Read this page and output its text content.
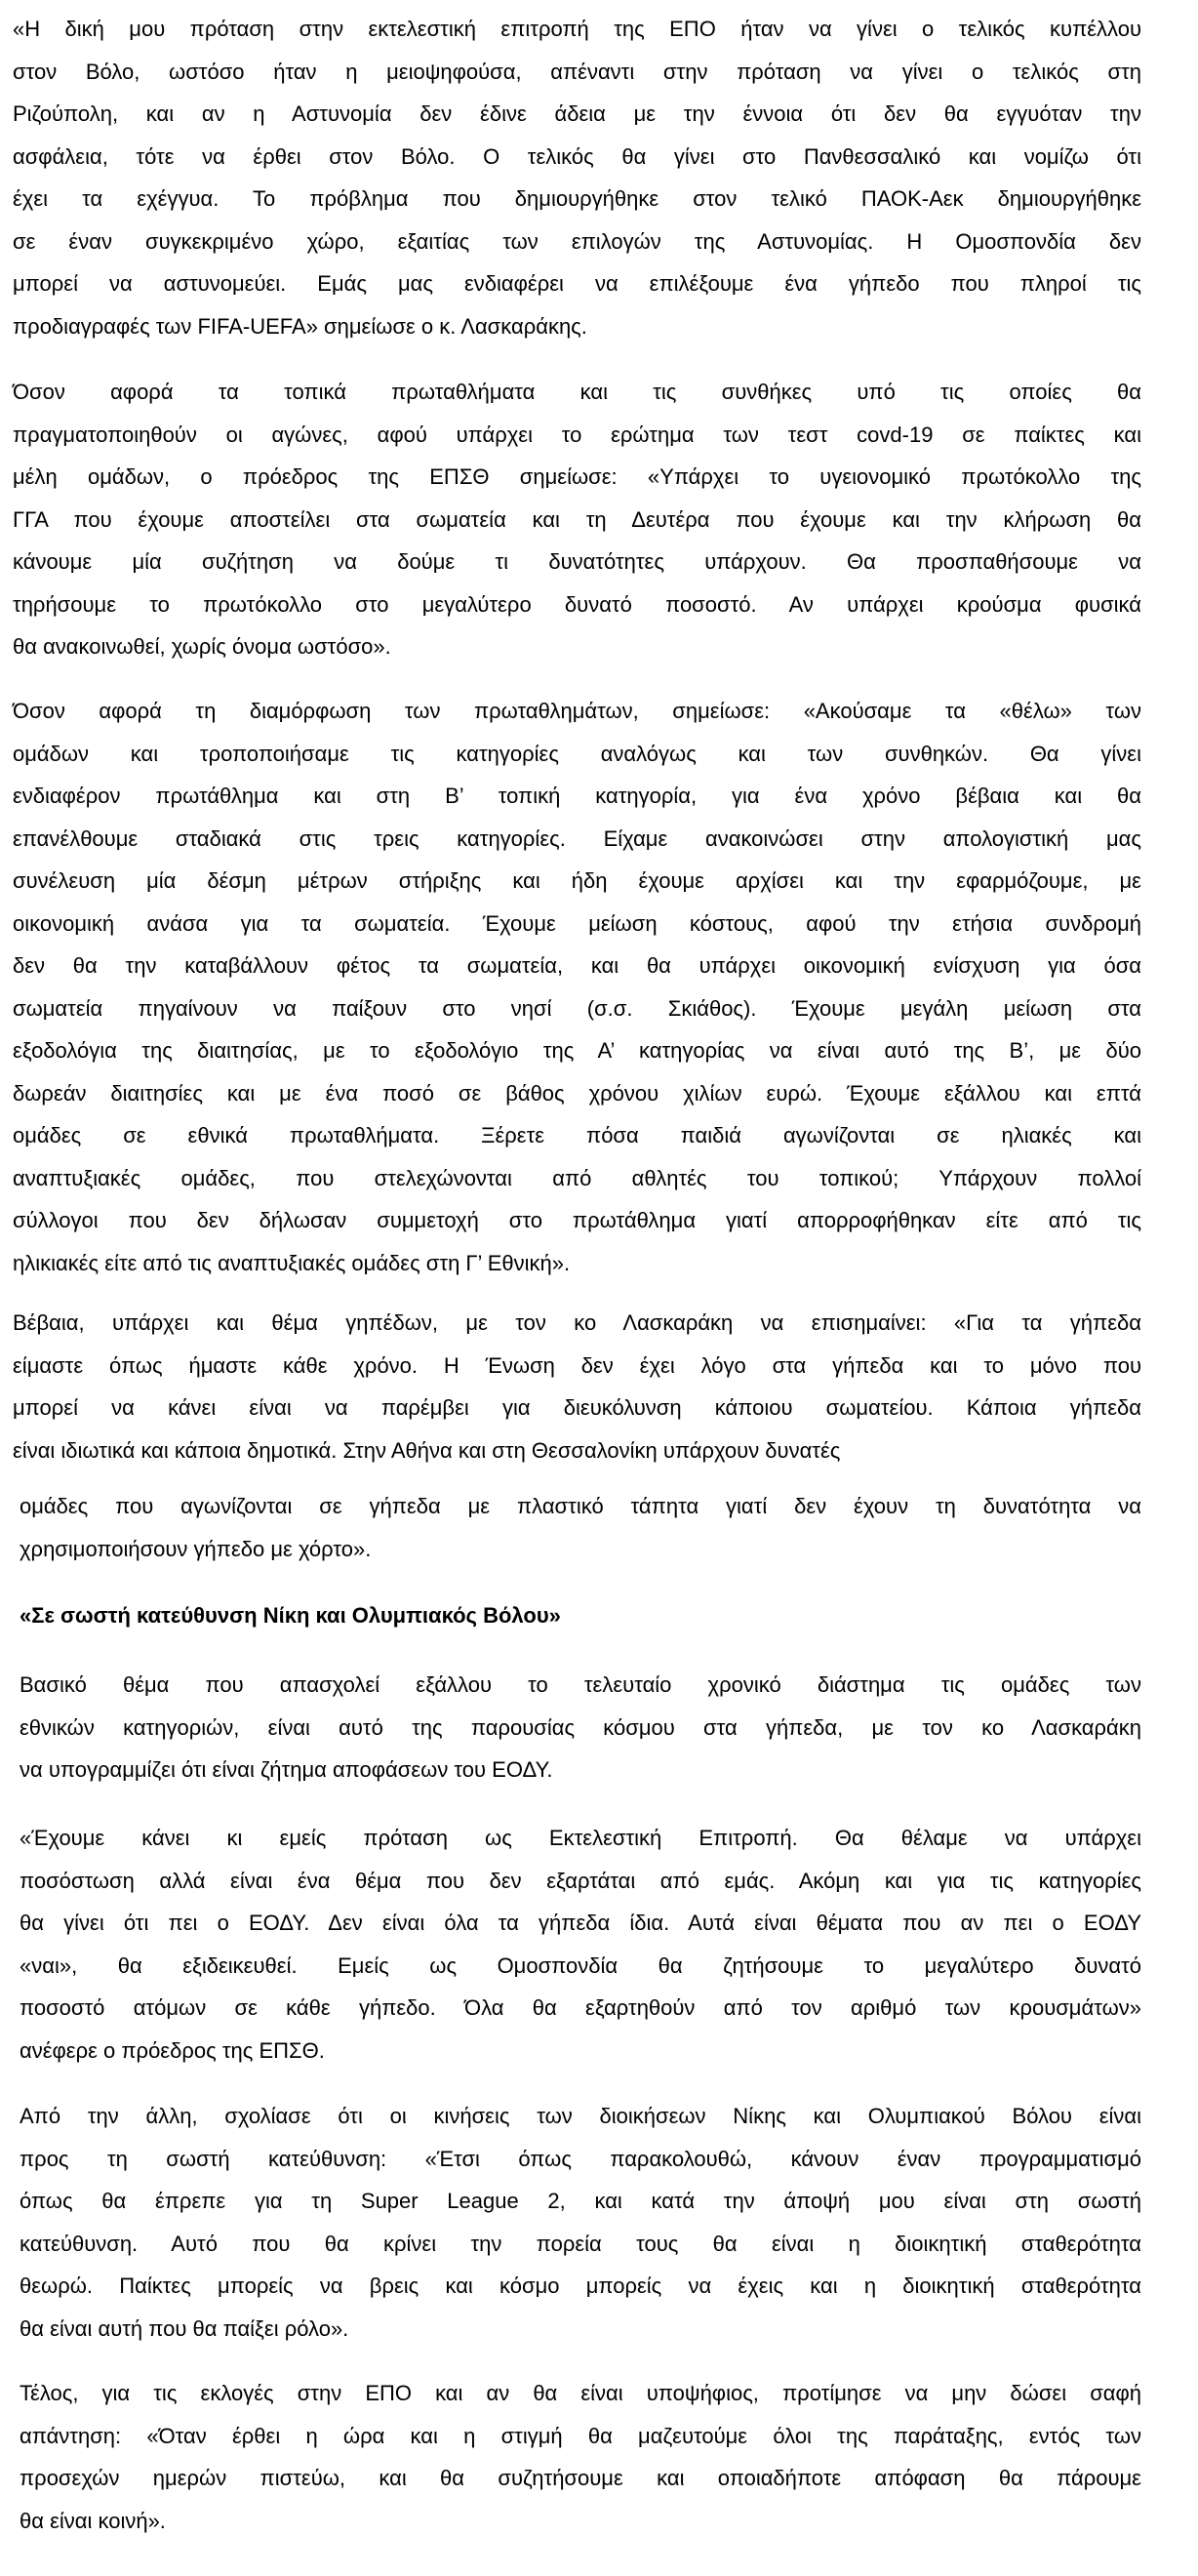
«Η δική μου πρόταση στην εκτελεστική επιτροπή της ΕΠΟ ήταν να γίνει ο τελικός κυπέλλου
στον Βόλο, ωστόσο ήταν η μειοψηφούσα, απέναντι στην πρόταση να γίνει ο τελικός στη
Ριζούπολη, και αν η Αστυνομία δεν έδινε άδεια με την έννοια ότι δεν θα εγγυόταν την
ασφάλεια, τότε να έρθει στον Βόλο. Ο τελικός θα γίνει στο Πανθεσσαλικό και νομίζω ότι
έχει τα εχέγγυα. Το πρόβλημα που δημιουργήθηκε στον τελικό ΠΑΟΚ-Αεκ δημιουργήθηκε
σε έναν συγκεκριμένο χώρο, εξαιτίας των επιλογών της Αστυνομίας. Η Ομοσπονδία δεν
μπορεί να αστυνομεύει. Εμάς μας ενδιαφέρει να επιλέξουμε ένα γήπεδο που πληροί τις
προδιαγραφές των FIFA-UEFA» σημείωσε ο κ. Λασκαράκης.
Όσον αφορά τα τοπικά πρωταθλήματα και τις συνθήκες υπό τις οποίες θα
πραγματοποιηθούν οι αγώνες, αφού υπάρχει το ερώτημα των τεστ covd-19 σε παίκτες και
μέλη ομάδων, ο πρόεδρος της ΕΠΣΘ σημείωσε: «Υπάρχει το υγειονομικό πρωτόκολλο της
ΓΓΑ που έχουμε αποστείλει στα σωματεία και τη Δευτέρα που έχουμε και την κλήρωση θα
κάνουμε μία συζήτηση να δούμε τι δυνατότητες υπάρχουν. Θα προσπαθήσουμε να
τηρήσουμε το πρωτόκολλο στο μεγαλύτερο δυνατό ποσοστό. Αν υπάρχει κρούσμα φυσικά
θα ανακοινωθεί, χωρίς όνομα ωστόσο».
Όσον αφορά τη διαμόρφωση των πρωταθλημάτων, σημείωσε: «Ακούσαμε τα «θέλω» των
ομάδων και τροποποιήσαμε τις κατηγορίες αναλόγως και των συνθηκών. Θα γίνει
ενδιαφέρον πρωτάθλημα και στη Β’ τοπική κατηγορία, για ένα χρόνο βέβαια και θα
επανέλθουμε σταδιακά στις τρεις κατηγορίες. Είχαμε ανακοινώσει στην απολογιστική μας
συνέλευση μία δέσμη μέτρων στήριξης και ήδη έχουμε αρχίσει και την εφαρμόζουμε, με
οικονομική ανάσα για τα σωματεία. Έχουμε μείωση κόστους, αφού την ετήσια συνδρομή
δεν θα την καταβάλλουν φέτος τα σωματεία, και θα υπάρχει οικονομική ενίσχυση για όσα
σωματεία πηγαίνουν να παίξουν στο νησί (σ.σ. Σκιάθος). Έχουμε μεγάλη μείωση στα
εξοδολόγια της διαιτησίας, με το εξοδολόγιο της Α’ κατηγορίας να είναι αυτό της Β’, με δύο
δωρεάν διαιτησίες και με ένα ποσό σε βάθος χρόνου χιλίων ευρώ. Έχουμε εξάλλου και επτά
ομάδες σε εθνικά πρωταθλήματα. Ξέρετε πόσα παιδιά αγωνίζονται σε ηλιακές και
αναπτυξιακές ομάδες, που στελεχώνονται από αθλητές του τοπικού; Υπάρχουν πολλοί
σύλλογοι που δεν δήλωσαν συμμετοχή στο πρωτάθλημα γιατί απορροφήθηκαν είτε από τις
ηλικιακές είτε από τις αναπτυξιακές ομάδες στη Γ’ Εθνική».
Βέβαια, υπάρχει και θέμα γηπέδων, με τον κο Λασκαράκη να επισημαίνει: «Για τα γήπεδα
είμαστε όπως ήμαστε κάθε χρόνο. Η Ένωση δεν έχει λόγο στα γήπεδα και το μόνο που
μπορεί να κάνει είναι να παρέμβει για διευκόλυνση κάποιου σωματείου. Κάποια γήπεδα
είναι ιδιωτικά και κάποια δημοτικά. Στην Αθήνα και στη Θεσσαλονίκη υπάρχουν δυνατές
ομάδες που αγωνίζονται σε γήπεδα με πλαστικό τάπητα γιατί δεν έχουν τη δυνατότητα να
χρησιμοποιήσουν γήπεδο με χόρτο».
«Σε σωστή κατεύθυνση Νίκη και Ολυμπιακός Βόλου»
Βασικό θέμα που απασχολεί εξάλλου το τελευταίο χρονικό διάστημα τις ομάδες των
εθνικών κατηγοριών, είναι αυτό της παρουσίας κόσμου στα γήπεδα, με τον κο Λασκαράκη
να υπογραμμίζει ότι είναι ζήτημα αποφάσεων του ΕΟΔΥ.
«Έχουμε κάνει κι εμείς πρόταση ως Εκτελεστική Επιτροπή. Θα θέλαμε να υπάρχει
ποσόστωση αλλά είναι ένα θέμα που δεν εξαρτάται από εμάς. Ακόμη και για τις κατηγορίες
θα γίνει ότι πει ο ΕΟΔΥ. Δεν είναι όλα τα γήπεδα ίδια. Αυτά είναι θέματα που αν πει ο ΕΟΔΥ
«ναι», θα εξιδεικευθεί. Εμείς ως Ομοσπονδία θα ζητήσουμε το μεγαλύτερο δυνατό
ποσοστό ατόμων σε κάθε γήπεδο. Όλα θα εξαρτηθούν από τον αριθμό των κρουσμάτων»
ανέφερε ο πρόεδρος της ΕΠΣΘ.
Από την άλλη, σχολίασε ότι οι κινήσεις των διοικήσεων Νίκης και Ολυμπιακού Βόλου είναι
προς τη σωστή κατεύθυνση: «Έτσι όπως παρακολουθώ, κάνουν έναν προγραμματισμό
όπως θα έπρεπε για τη Super League 2, και κατά την άποψή μου είναι στη σωστή
κατεύθυνση. Αυτό που θα κρίνει την πορεία τους θα είναι η διοικητική σταθερότητα
θεωρώ. Παίκτες μπορείς να βρεις και κόσμο μπορείς να έχεις και η διοικητική σταθερότητα
θα είναι αυτή που θα παίξει ρόλο».
Τέλος, για τις εκλογές στην ΕΠΟ και αν θα είναι υποψήφιος, προτίμησε να μην δώσει σαφή
απάντηση: «Όταν έρθει η ώρα και η στιγμή θα μαζευτούμε όλοι της παράταξης, εντός των
προσεχών ημερών πιστεύω, και θα συζητήσουμε και οποιαδήποτε απόφαση θα πάρουμε
θα είναι κοινή».
